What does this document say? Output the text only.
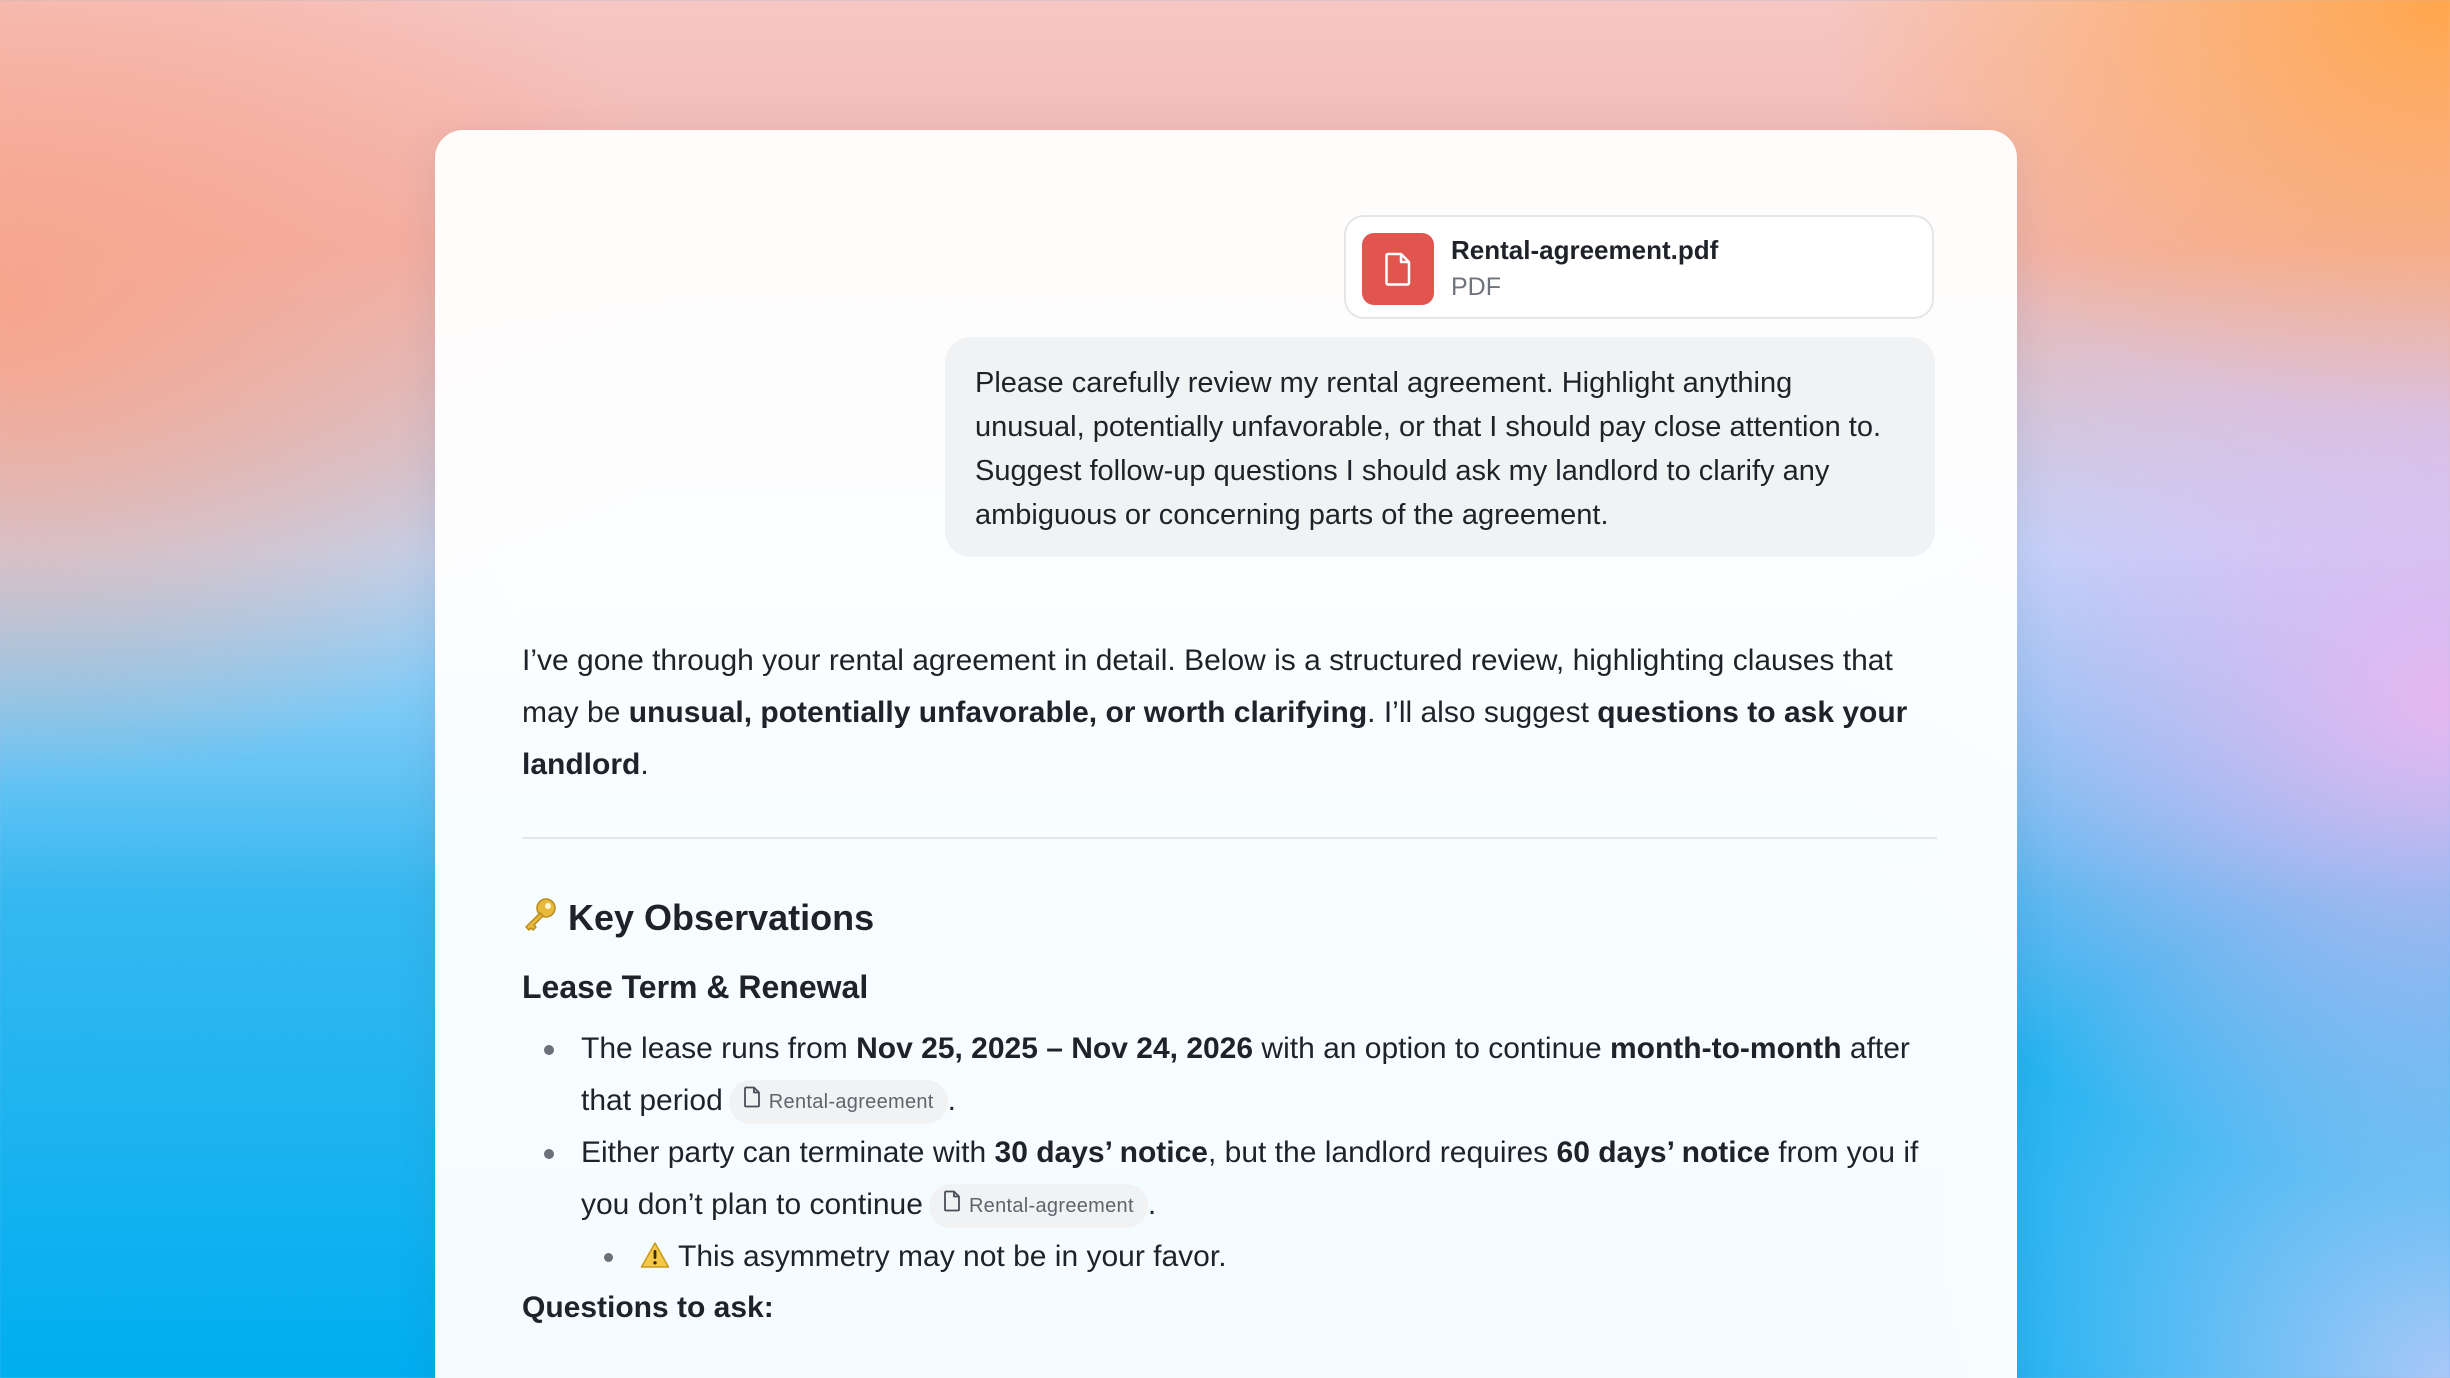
Rental-agreement.pdf
PDF
Please carefully review my rental agreement. Highlight anything unusual, potentially unfavorable, or that I should pay close attention to. Suggest follow-up questions I should ask my landlord to clarify any ambiguous or concerning parts of the agreement.

I’ve gone through your rental agreement in detail. Below is a structured review, highlighting clauses that may be unusual, potentially unfavorable, or worth clarifying. I’ll also suggest questions to ask your landlord.

Key Observations
Lease Term & Renewal
The lease runs from Nov 25, 2025 – Nov 24, 2026 with an option to continue month-to-month after that period Rental-agreement .
Either party can terminate with 30 days’ notice, but the landlord requires 60 days’ notice from you if you don’t plan to continue Rental-agreement .
This asymmetry may not be in your favor.
Questions to ask:
